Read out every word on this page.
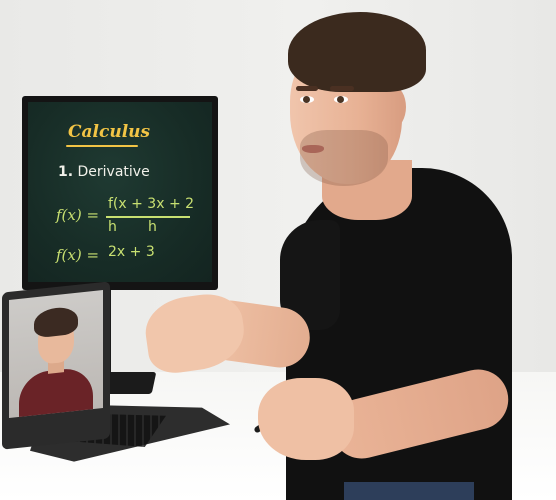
Calculus
1. Derivative
f(x) =
f(x + 3x + 2
h h
f(x) = 2x + 3
